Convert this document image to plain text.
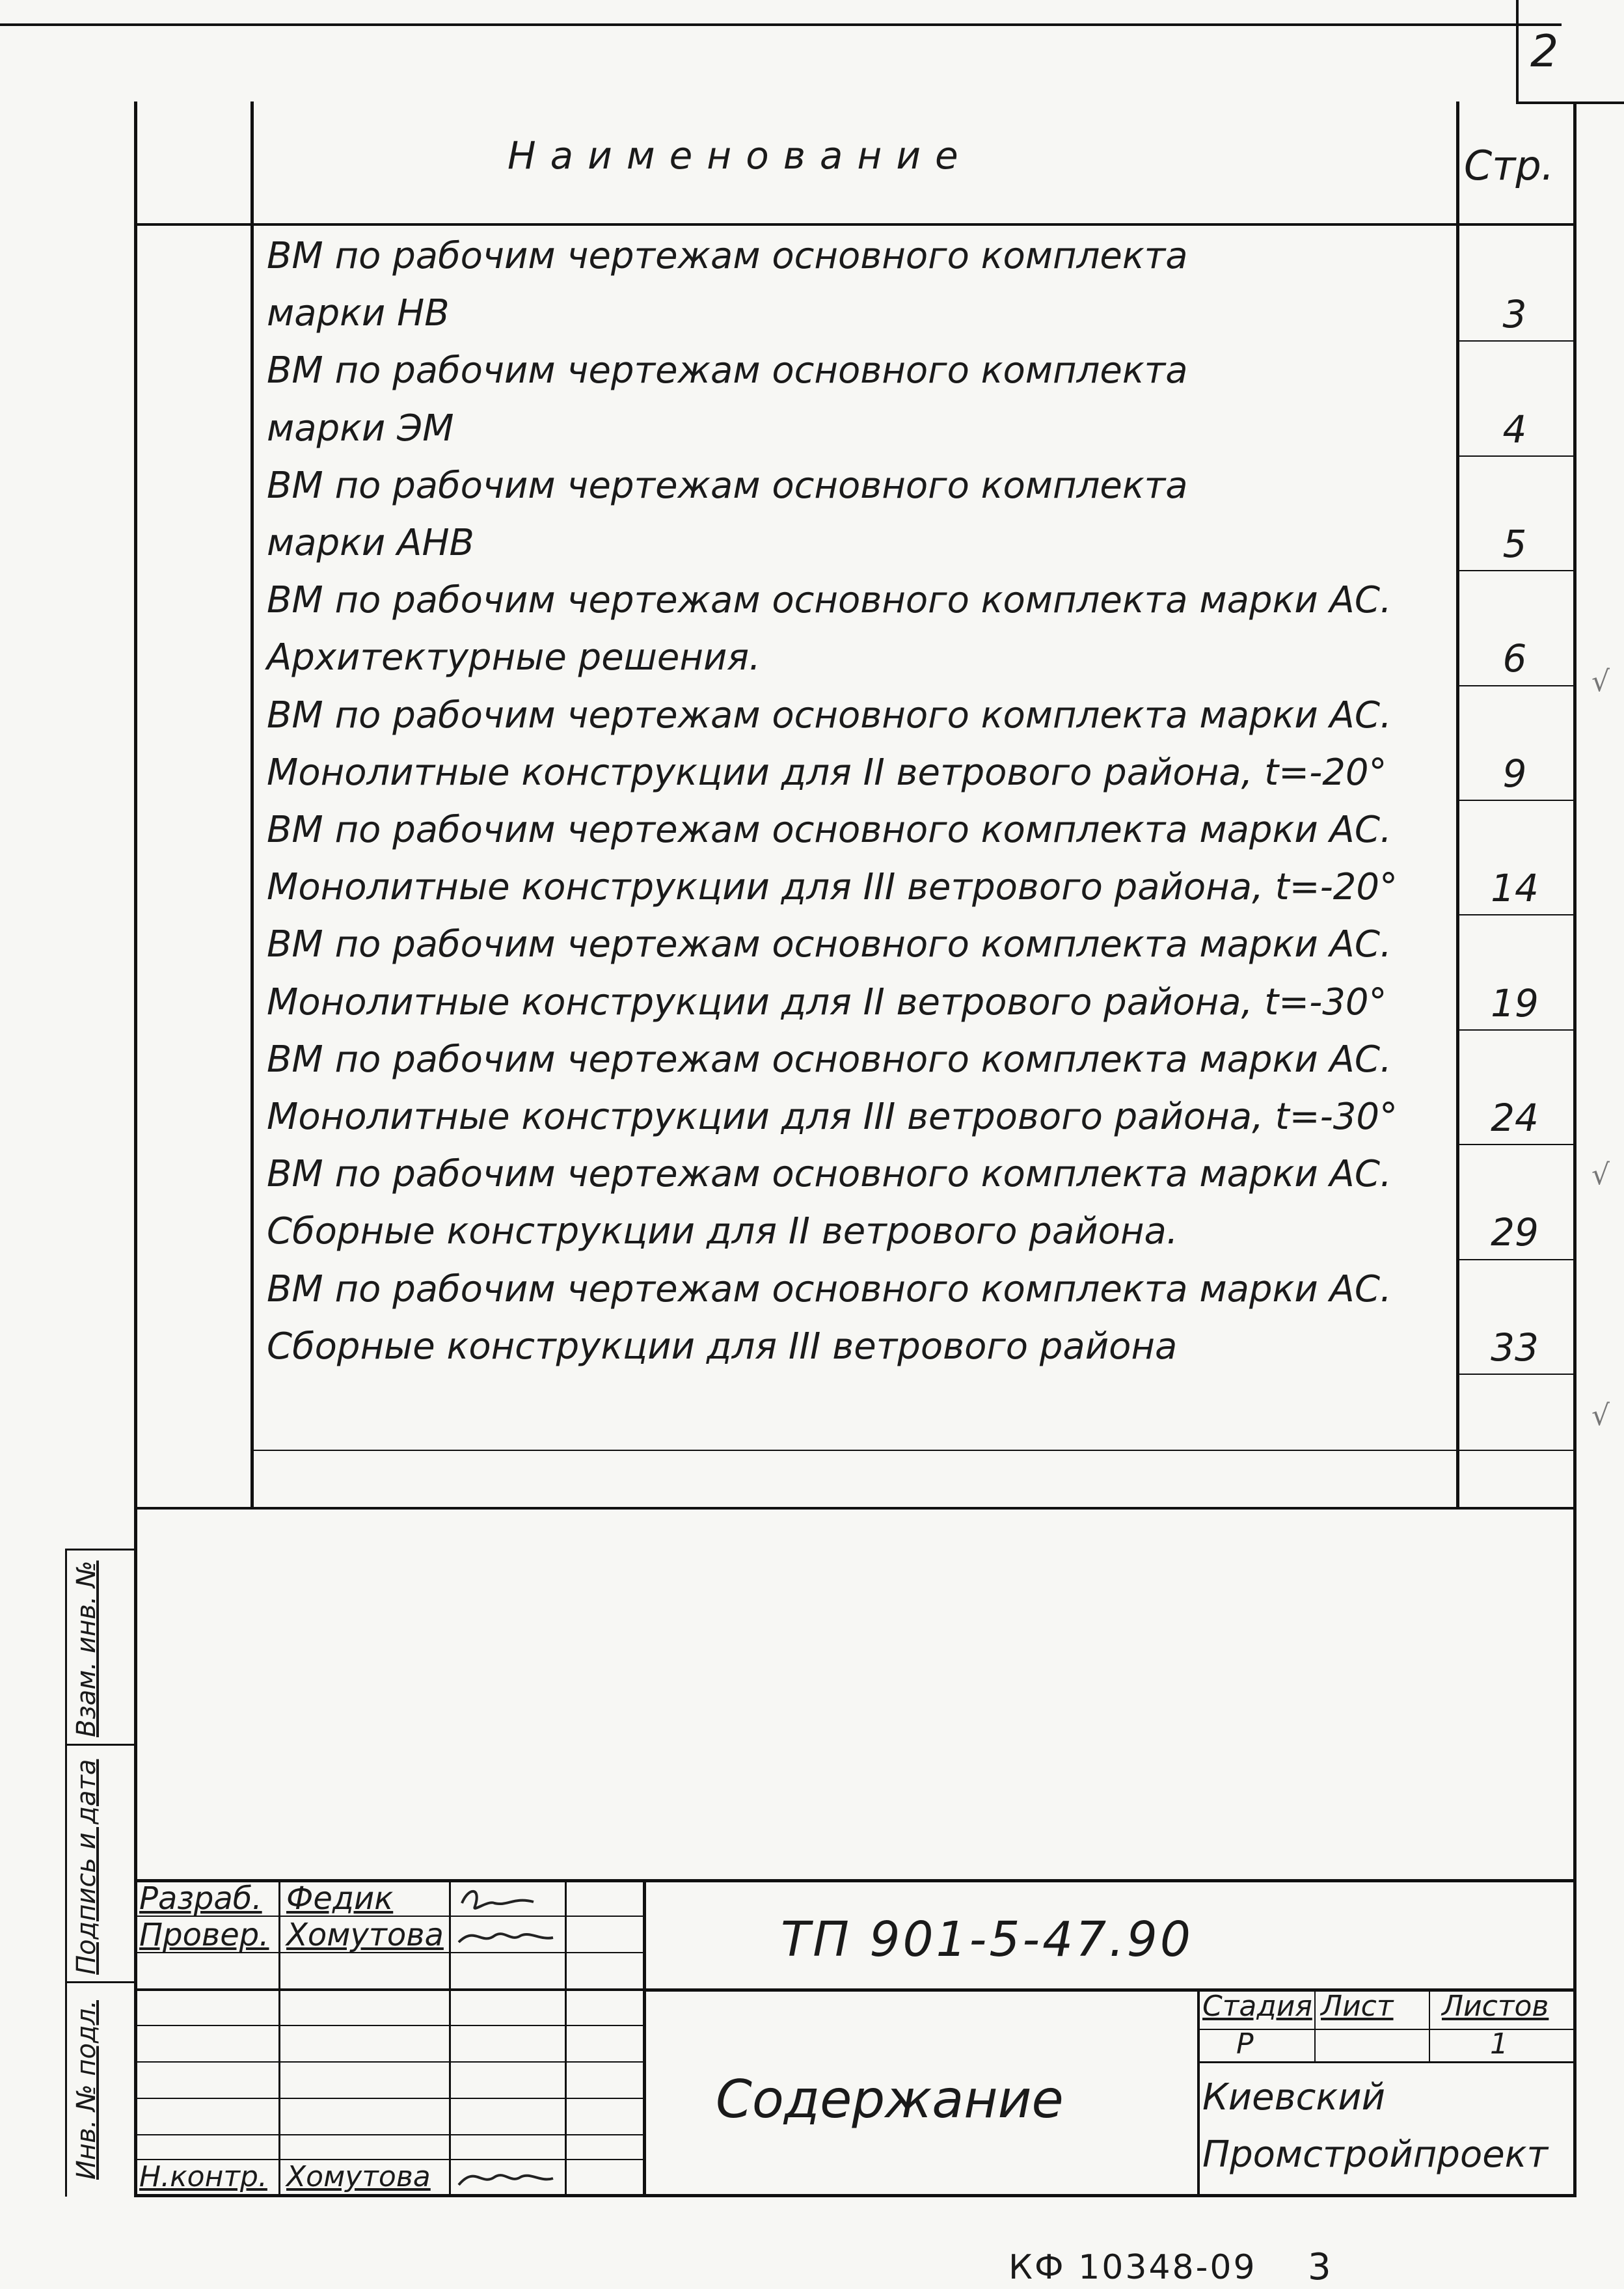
2
Наименование	Стр.
ВМ по рабочим чертежам основного комплекта
марки НВ	3
ВМ по рабочим чертежам основного комплекта
марки ЭМ	4
ВМ по рабочим чертежам основного комплекта
марки АНВ	5
ВМ по рабочим чертежам основного комплекта марки АС.
Архитектурные решения.	6
ВМ по рабочим чертежам основного комплекта марки АС.
Монолитные конструкции для II ветрового района, t=-20°	9
ВМ по рабочим чертежам основного комплекта марки АС.
Монолитные конструкции для III ветрового района, t=-20°	14
ВМ по рабочим чертежам основного комплекта марки АС.
Монолитные конструкции для II ветрового района, t=-30°	19
ВМ по рабочим чертежам основного комплекта марки АС.
Монолитные конструкции для III ветрового района, t=-30°	24
ВМ по рабочим чертежам основного комплекта марки АС.
Сборные конструкции для II ветрового района.	29
ВМ по рабочим чертежам основного комплекта марки АС.
Сборные конструкции для III ветрового района	33
Инв. № подл.
Подпись и дата
Взам. инв. №
Разраб. Федик
Провер. Хомутова
Н.контр. Хомутова
ТП 901-5-47.90
Содержание
Стадия Лист Листов
Р	1
Киевский
Промстройпроект
КФ 10348-09 3
√
√
√
